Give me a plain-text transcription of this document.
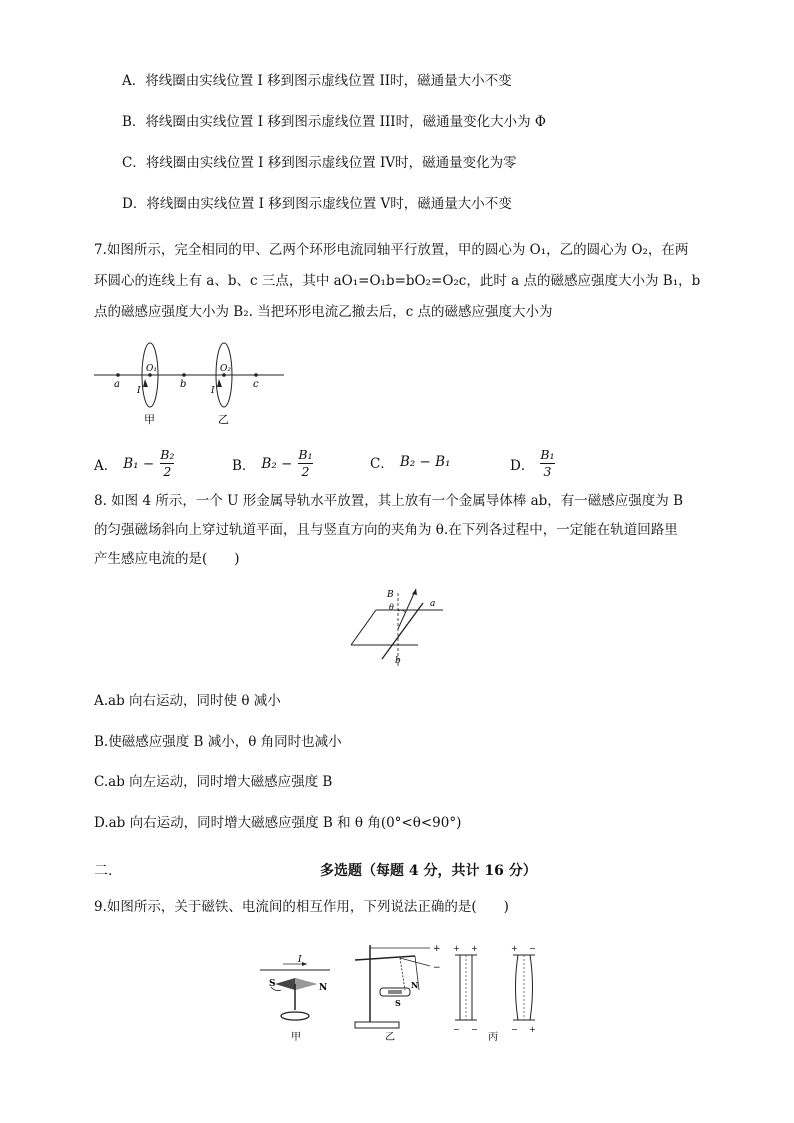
A．将线圈由实线位置 I 移到图示虚线位置 II时，磁通量大小不变
B．将线圈由实线位置 I 移到图示虚线位置 III时，磁通量变化大小为 Φ
C．将线圈由实线位置 I 移到图示虚线位置 IV时，磁通量变化为零
D．将线圈由实线位置 I 移到图示虚线位置 V时，磁通量大小不变
7.如图所示，完全相同的甲、乙两个环形电流同轴平行放置，甲的圆心为 O₁，乙的圆心为 O₂，在两
环圆心的连线上有 a、b、c 三点，其中 aO₁=O₁b=bO₂=O₂c，此时 a 点的磁感应强度大小为 B₁，b
点的磁感应强度大小为 B₂. 当把环形电流乙撤去后，c 点的磁感应强度大小为
a	b	c
O₁	O₂
I	I
甲	乙
A． $B_1 - \frac{\text{B₂}}{2}$	B． $B_2 - \frac{\text{B₁}}{2}$	C． B₂ − B₁	D． $\frac{\text{B₁}}{3}$
8. 如图 4 所示，一个 U 形金属导轨水平放置，其上放有一个金属导体棒 ab，有一磁感应强度为 B
的匀强磁场斜向上穿过轨道平面，且与竖直方向的夹角为 θ.在下列各过程中，一定能在轨道回路里
产生感应电流的是(　　)
B
θ	a
b
A.ab 向右运动，同时使 θ 减小
B.使磁感应强度 B 减小，θ 角同时也减小
C.ab 向左运动，同时增大磁感应强度 B
D.ab 向右运动，同时增大磁感应强度 B 和 θ 角(0°<θ<90°)
二.	多选题（每题 4 分，共计 16 分）
9.如图所示，关于磁铁、电流间的相互作用，下列说法正确的是(　　)
I
S	N
甲
+
−
N
S
乙
+ +
− −
+ −
− +
丙
